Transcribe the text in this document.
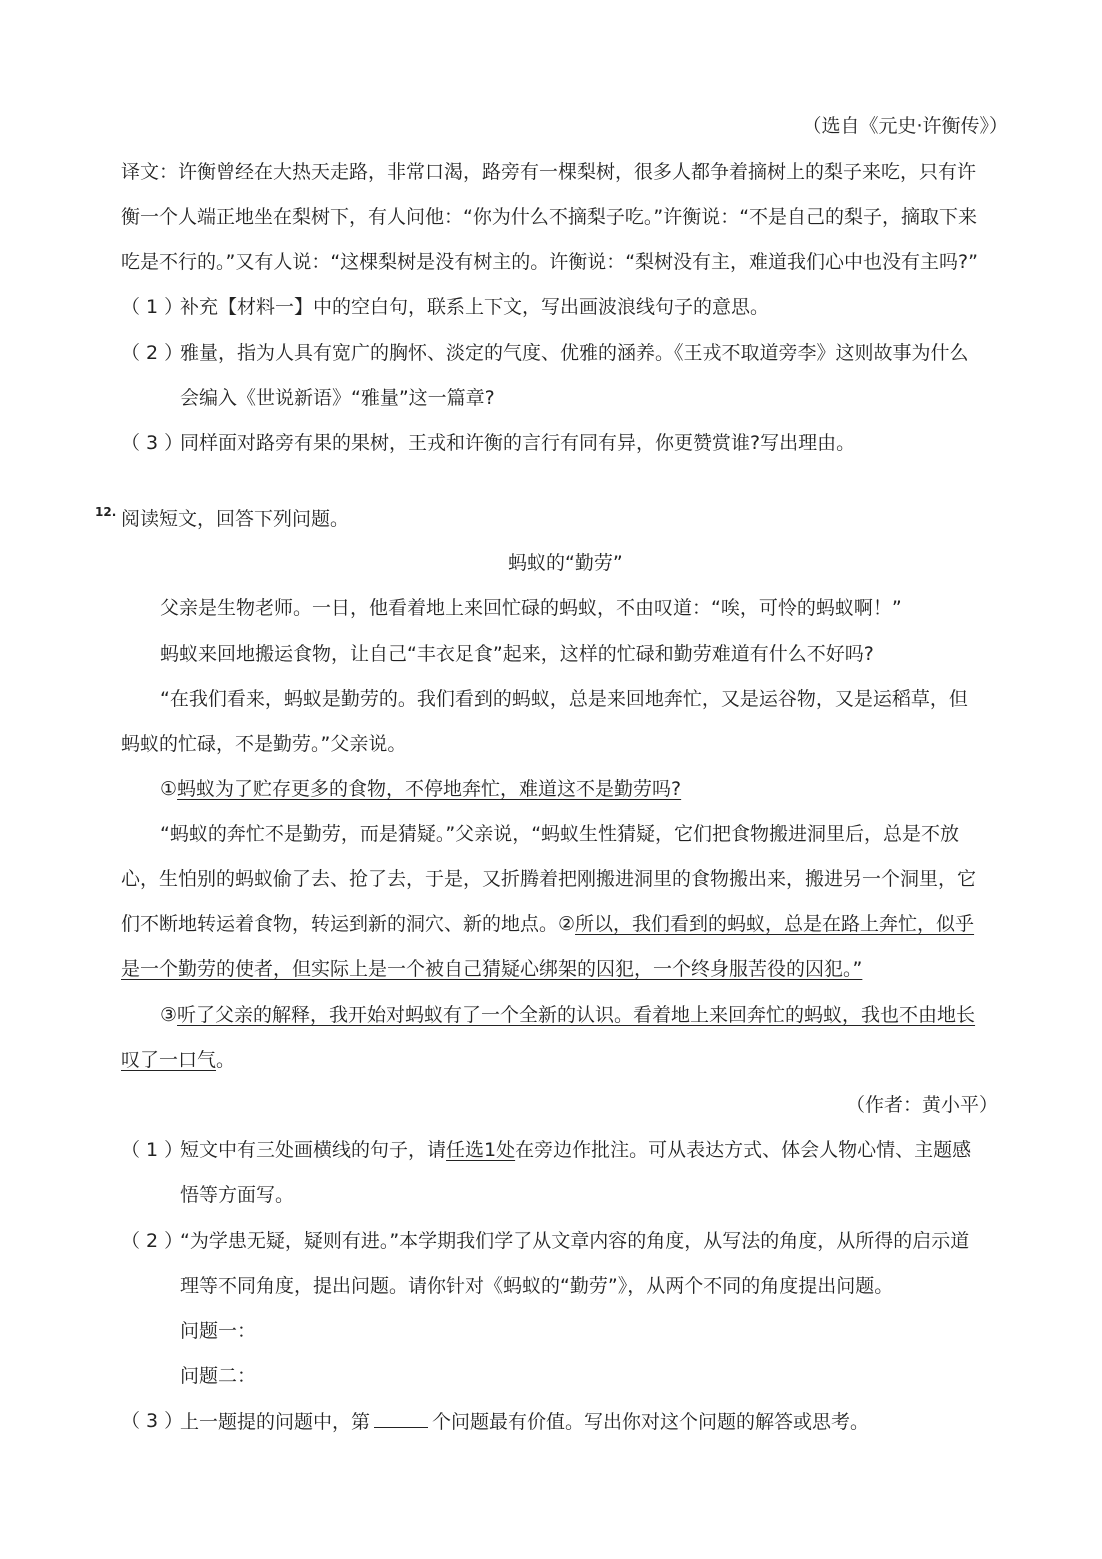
（选自《元史·许衡传》）
译文：许衡曾经在大热天走路，非常口渴，路旁有一棵梨树，很多人都争着摘树上的梨子来吃，只有许
衡一个人端正地坐在梨树下，有人问他：“你为什么不摘梨子吃。”许衡说：“不是自己的梨子，摘取下来
吃是不行的。”又有人说：“这棵梨树是没有树主的。许衡说：“梨树没有主，难道我们心中也没有主吗?”
（ 1 ）
补充【材料一】中的空白句，联系上下文，写出画波浪线句子的意思。
（ 2 ）
雅量，指为人具有宽广的胸怀、淡定的气度、优雅的涵养。《王戎不取道旁李》这则故事为什么
会编入《世说新语》“雅量”这一篇章?
（ 3 ）
同样面对路旁有果的果树，王戎和许衡的言行有同有异，你更赞赏谁?写出理由。
12. 阅读短文，回答下列问题。
蚂蚁的“勤劳”
父亲是生物老师。一日，他看着地上来回忙碌的蚂蚁，不由叹道：“唉，可怜的蚂蚁啊！”
蚂蚁来回地搬运食物，让自己“丰衣足食”起来，这样的忙碌和勤劳难道有什么不好吗?
“在我们看来，蚂蚁是勤劳的。我们看到的蚂蚁，总是来回地奔忙，又是运谷物，又是运稻草，但
蚂蚁的忙碌，不是勤劳。”父亲说。
①蚂蚁为了贮存更多的食物，不停地奔忙，难道这不是勤劳吗?
“蚂蚁的奔忙不是勤劳，而是猜疑。”父亲说，“蚂蚁生性猜疑，它们把食物搬进洞里后，总是不放
心，生怕别的蚂蚁偷了去、抢了去，于是，又折腾着把刚搬进洞里的食物搬出来，搬进另一个洞里，它
们不断地转运着食物，转运到新的洞穴、新的地点。②所以，我们看到的蚂蚁，总是在路上奔忙，似乎
是一个勤劳的使者，但实际上是一个被自己猜疑心绑架的囚犯，一个终身服苦役的囚犯。”
③听了父亲的解释，我开始对蚂蚁有了一个全新的认识。看着地上来回奔忙的蚂蚁，我也不由地长
叹了一口气。
（作者：黄小平）
（ 1 ）
短文中有三处画横线的句子，请任选1处在旁边作批注。可从表达方式、体会人物心情、主题感
悟等方面写。
（ 2 ）
“为学患无疑，疑则有进。”本学期我们学了从文章内容的角度，从写法的角度，从所得的启示道
理等不同角度，提出问题。请你针对《蚂蚁的“勤劳”》，从两个不同的角度提出问题。
问题一：
问题二：
（ 3 ）
上一题提的问题中，第	个问题最有价值。写出你对这个问题的解答或思考。
